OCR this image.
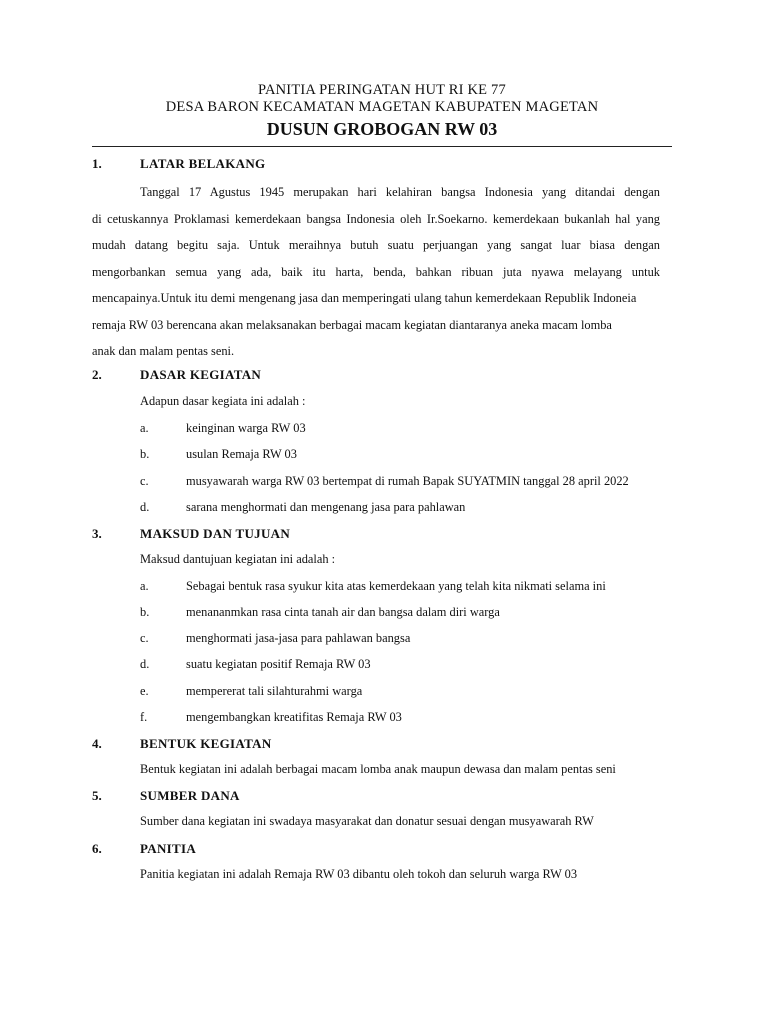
PANITIA PERINGATAN HUT RI KE 77
DESA BARON KECAMATAN MAGETAN KABUPATEN MAGETAN
DUSUN GROBOGAN RW 03
1.	LATAR BELAKANG
Tanggal 17 Agustus 1945 merupakan hari kelahiran bangsa Indonesia yang ditandai dengan
di cetuskannya Proklamasi kemerdekaan bangsa Indonesia oleh Ir.Soekarno. kemerdekaan bukanlah hal yang
mudah datang begitu saja. Untuk meraihnya butuh suatu perjuangan yang sangat luar biasa dengan
mengorbankan semua yang ada, baik itu harta, benda, bahkan ribuan juta nyawa melayang untuk
mencapainya.Untuk itu demi mengenang jasa dan memperingati ulang tahun kemerdekaan Republik Indoneia
remaja RW 03 berencana akan melaksanakan berbagai macam kegiatan diantaranya aneka macam lomba
anak dan malam pentas seni.
2.	DASAR KEGIATAN
Adapun dasar kegiata ini adalah :
a.	keinginan warga RW 03
b.	usulan Remaja RW 03
c.	musyawarah warga RW 03 bertempat di rumah Bapak SUYATMIN tanggal 28 april 2022
d.	sarana menghormati dan mengenang jasa para pahlawan
3.	MAKSUD DAN TUJUAN
Maksud dantujuan kegiatan ini adalah :
a.	Sebagai bentuk rasa syukur kita atas kemerdekaan yang telah kita nikmati selama ini
b.	menananmkan rasa cinta tanah air dan bangsa dalam diri warga
c.	menghormati jasa-jasa para pahlawan bangsa
d.	suatu kegiatan positif Remaja RW 03
e.	mempererat tali silahturahmi warga
f.	mengembangkan kreatifitas Remaja RW 03
4.	BENTUK KEGIATAN
Bentuk kegiatan ini adalah berbagai macam lomba anak maupun dewasa dan malam pentas seni
5.	SUMBER DANA
Sumber dana kegiatan ini swadaya masyarakat dan donatur sesuai dengan musyawarah RW
6.	PANITIA
Panitia kegiatan ini adalah Remaja RW 03 dibantu oleh tokoh dan seluruh warga RW 03
